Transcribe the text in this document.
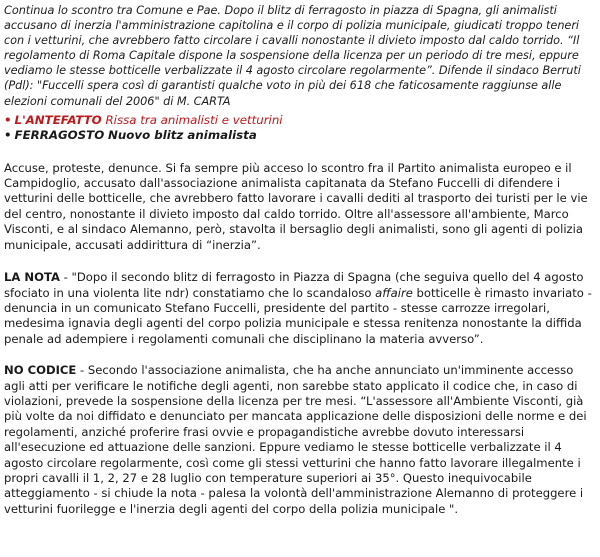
Continua lo scontro tra Comune e Pae. Dopo il blitz di ferragosto in piazza di Spagna, gli animalisti accusano di inerzia l'amministrazione capitolina e il corpo di polizia municipale, giudicati troppo teneri con i vetturini, che avrebbero fatto circolare i cavalli nonostante il divieto imposto dal caldo torrido. “Il regolamento di Roma Capitale dispone la sospensione della licenza per un periodo di tre mesi, eppure vediamo le stesse botticelle verbalizzate il 4 agosto circolare regolarmente”. Difende il sindaco Berruti (Pdl): "Fuccelli spera così di garantisti qualche voto in più dei 618 che faticosamente raggiunse alle elezioni comunali del 2006" di M. CARTA

• L'ANTEFATTO Rissa tra animalisti e vetturini
• FERRAGOSTO Nuovo blitz animalista

Accuse, proteste, denunce. Si fa sempre più acceso lo scontro fra il Partito animalista europeo e il Campidoglio, accusato dall'associazione animalista capitanata da Stefano Fuccelli di difendere i vetturini delle botticelle, che avrebbero fatto lavorare i cavalli dediti al trasporto dei turisti per le vie del centro, nonostante il divieto imposto dal caldo torrido. Oltre all'assessore all'ambiente, Marco Visconti, e al sindaco Alemanno, però, stavolta il bersaglio degli animalisti, sono gli agenti di polizia municipale, accusati addirittura di “inerzia”.

LA NOTA - "Dopo il secondo blitz di ferragosto in Piazza di Spagna (che seguiva quello del 4 agosto sfociato in una violenta lite ndr) constatiamo che lo scandaloso affaire botticelle è rimasto invariato - denuncia in un comunicato Stefano Fuccelli, presidente del partito - stesse carrozze irregolari, medesima ignavia degli agenti del corpo polizia municipale e stessa renitenza nonostante la diffida penale ad adempiere i regolamenti comunali che disciplinano la materia avverso”.

NO CODICE - Secondo l'associazione animalista, che ha anche annunciato un'imminente accesso agli atti per verificare le notifiche degli agenti, non sarebbe stato applicato il codice che, in caso di violazioni, prevede la sospensione della licenza per tre mesi. “L'assessore all'Ambiente Visconti, già più volte da noi diffidato e denunciato per mancata applicazione delle disposizioni delle norme e dei regolamenti, anziché proferire frasi ovvie e propagandistiche avrebbe dovuto interessarsi all'esecuzione ed attuazione delle sanzioni. Eppure vediamo le stesse botticelle verbalizzate il 4 agosto circolare regolarmente, così come gli stessi vetturini che hanno fatto lavorare illegalmente i propri cavalli il 1, 2, 27 e 28 luglio con temperature superiori ai 35°. Questo inequivocabile atteggiamento - si chiude la nota - palesa la volontà dell'amministrazione Alemanno di proteggere i vetturini fuorilegge e l'inerzia degli agenti del corpo della polizia municipale ".
